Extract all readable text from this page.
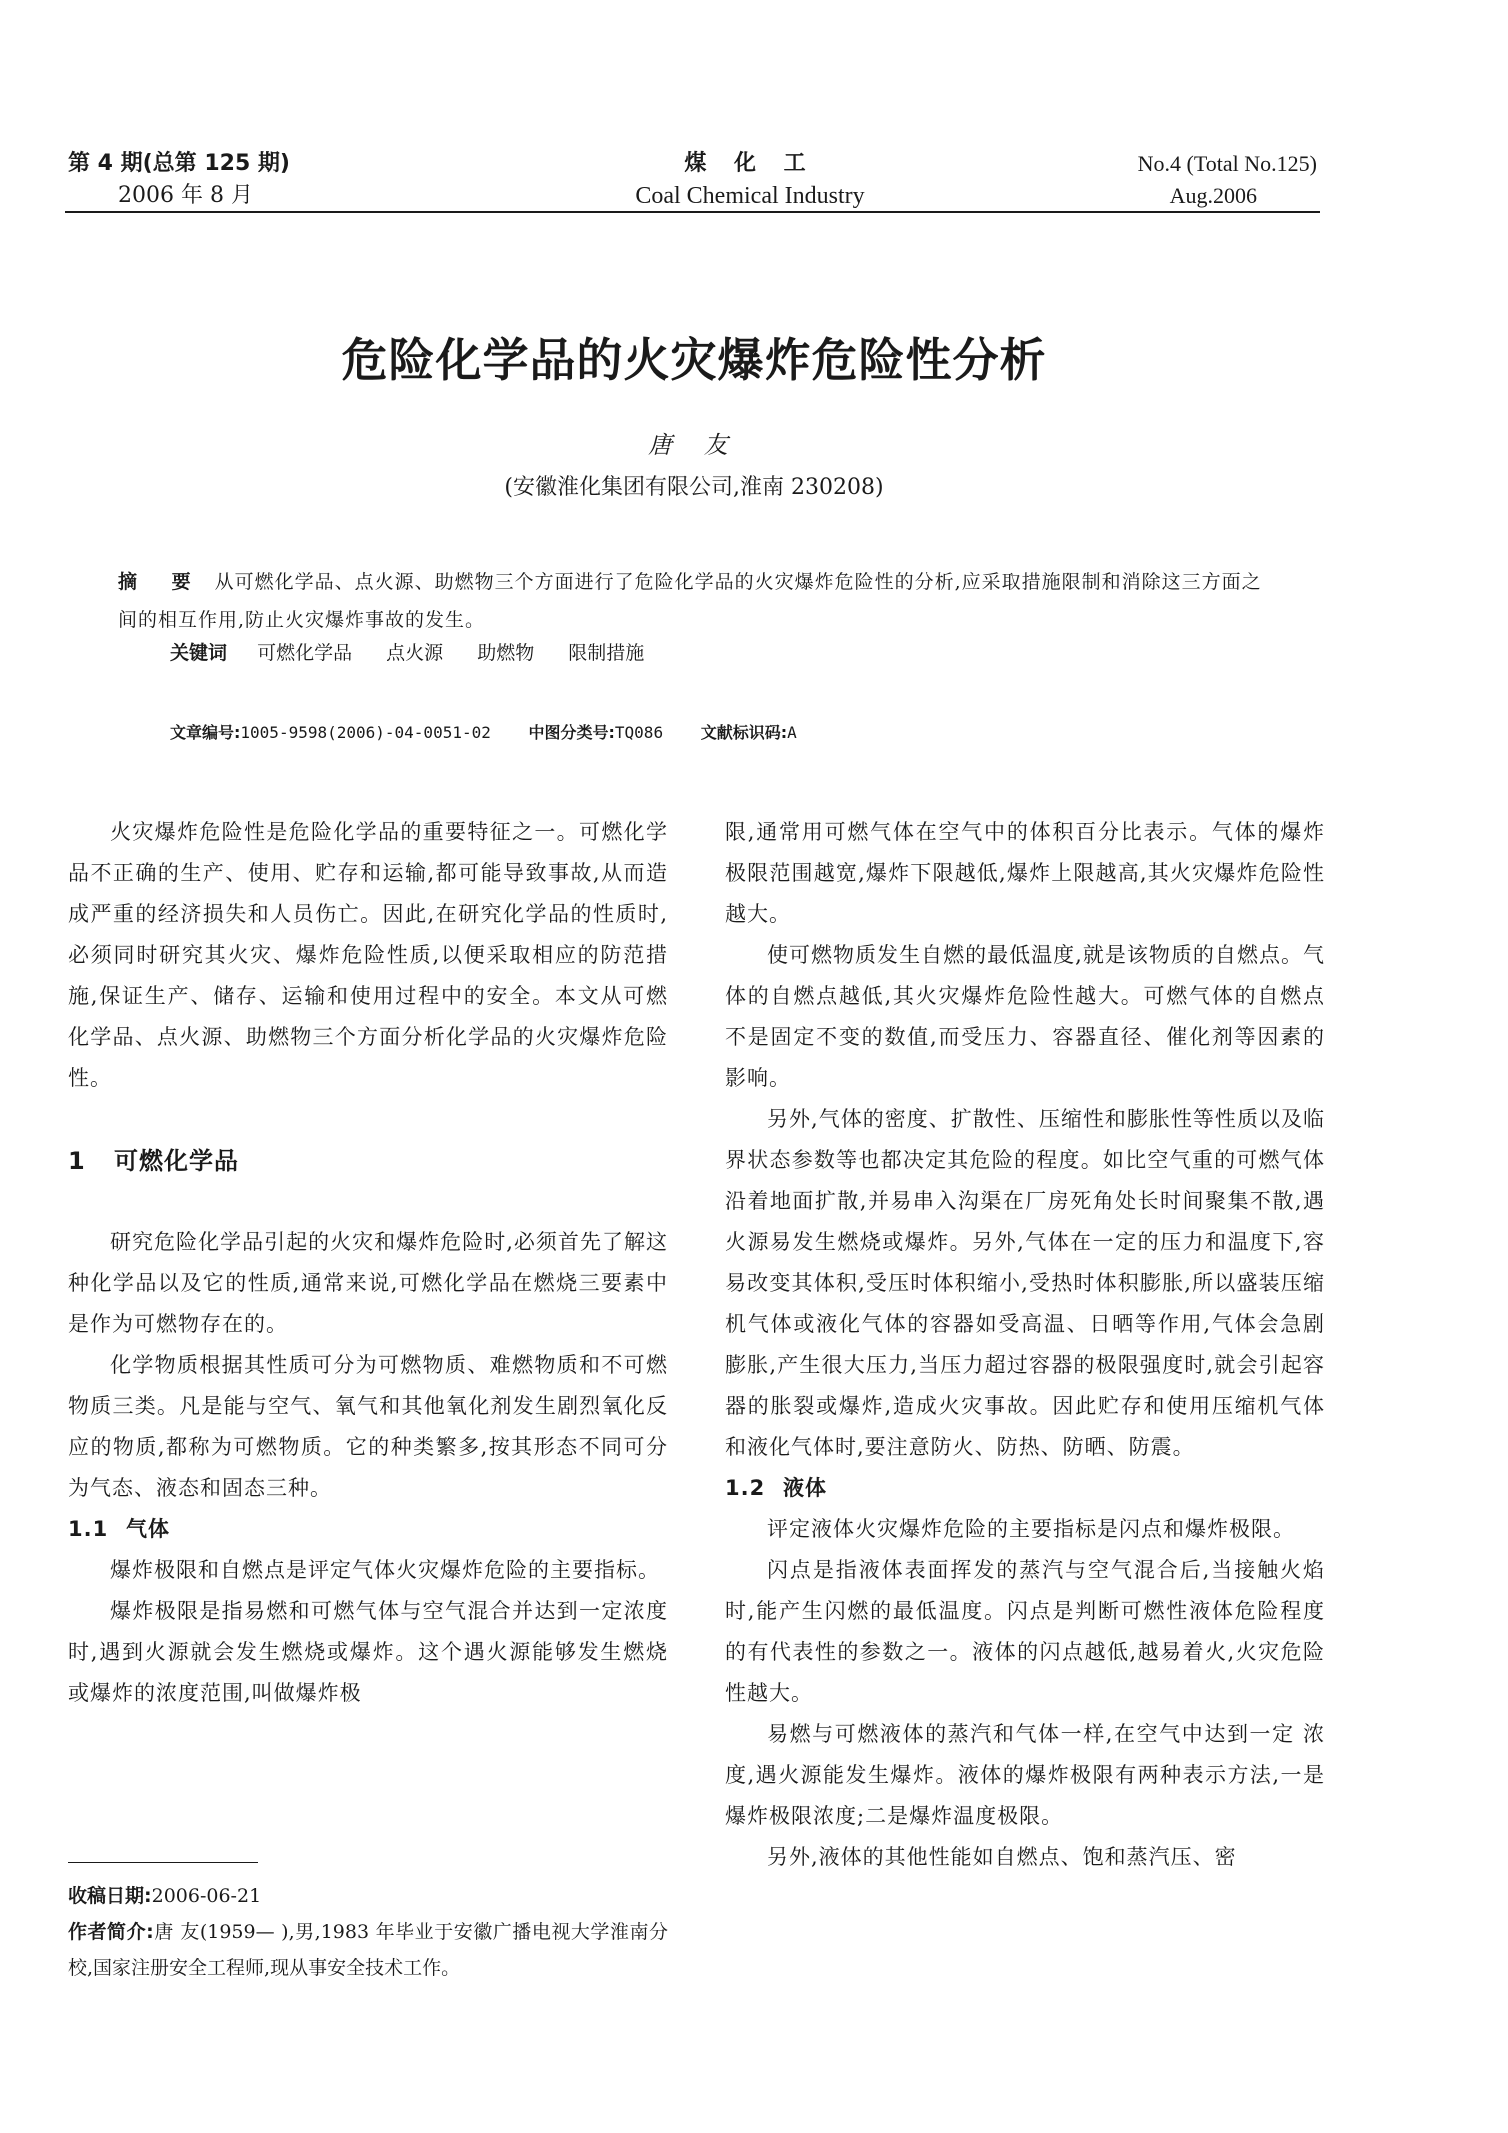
第 4 期(总第 125 期)
2006 年 8 月
煤 化 工
Coal Chemical Industry
No.4 (Total No.125)
Aug.2006
危险化学品的火灾爆炸危险性分析
唐 友
(安徽淮化集团有限公司,淮南 230208)
摘 要 从可燃化学品、点火源、助燃物三个方面进行了危险化学品的火灾爆炸危险性的分析,应采取措施限制和消除这三方面之间的相互作用,防止火灾爆炸事故的发生。
关键词 可燃化学品 点火源 助燃物 限制措施
文章编号:1005-9598(2006)-04-0051-02 中图分类号:TQ086 文献标识码:A

火灾爆炸危险性是危险化学品的重要特征之一。可燃化学品不正确的生产、使用、贮存和运输,都可能导致事故,从而造成严重的经济损失和人员伤亡。因此,在研究化学品的性质时,必须同时研究其火灾、爆炸危险性质,以便采取相应的防范措施,保证生产、储存、运输和使用过程中的安全。本文从可燃化学品、点火源、助燃物三个方面分析化学品的火灾爆炸危险性。

1 可燃化学品

研究危险化学品引起的火灾和爆炸危险时,必须首先了解这种化学品以及它的性质,通常来说,可燃化学品在燃烧三要素中是作为可燃物存在的。

化学物质根据其性质可分为可燃物质、难燃物质和不可燃物质三类。凡是能与空气、氧气和其他氧化剂发生剧烈氧化反应的物质,都称为可燃物质。它的种类繁多,按其形态不同可分为气态、液态和固态三种。

1.1 气体

爆炸极限和自燃点是评定气体火灾爆炸危险的主要指标。

爆炸极限是指易燃和可燃气体与空气混合并达到一定浓度时,遇到火源就会发生燃烧或爆炸。这个遇火源能够发生燃烧或爆炸的浓度范围,叫做爆炸极

限,通常用可燃气体在空气中的体积百分比表示。气体的爆炸极限范围越宽,爆炸下限越低,爆炸上限越高,其火灾爆炸危险性越大。

使可燃物质发生自燃的最低温度,就是该物质的自燃点。气体的自燃点越低,其火灾爆炸危险性越大。可燃气体的自燃点不是固定不变的数值,而受压力、容器直径、催化剂等因素的影响。

另外,气体的密度、扩散性、压缩性和膨胀性等性质以及临界状态参数等也都决定其危险的程度。如比空气重的可燃气体沿着地面扩散,并易串入沟渠在厂房死角处长时间聚集不散,遇火源易发生燃烧或爆炸。另外,气体在一定的压力和温度下,容易改变其体积,受压时体积缩小,受热时体积膨胀,所以盛装压缩机气体或液化气体的容器如受高温、日晒等作用,气体会急剧膨胀,产生很大压力,当压力超过容器的极限强度时,就会引起容器的胀裂或爆炸,造成火灾事故。因此贮存和使用压缩机气体和液化气体时,要注意防火、防热、防晒、防震。

1.2 液体

评定液体火灾爆炸危险的主要指标是闪点和爆炸极限。

闪点是指液体表面挥发的蒸汽与空气混合后,当接触火焰时,能产生闪燃的最低温度。闪点是判断可燃性液体危险程度的有代表性的参数之一。液体的闪点越低,越易着火,火灾危险性越大。

易燃与可燃液体的蒸汽和气体一样,在空气中达到一定 浓度,遇火源能发生爆炸。液体的爆炸极限有两种表示方法,一是爆炸极限浓度;二是爆炸温度极限。

另外,液体的其他性能如自燃点、饱和蒸汽压、密

收稿日期:2006-06-21
作者简介:唐 友(1959— ),男,1983 年毕业于安徽广播电视大学淮南分校,国家注册安全工程师,现从事安全技术工作。
